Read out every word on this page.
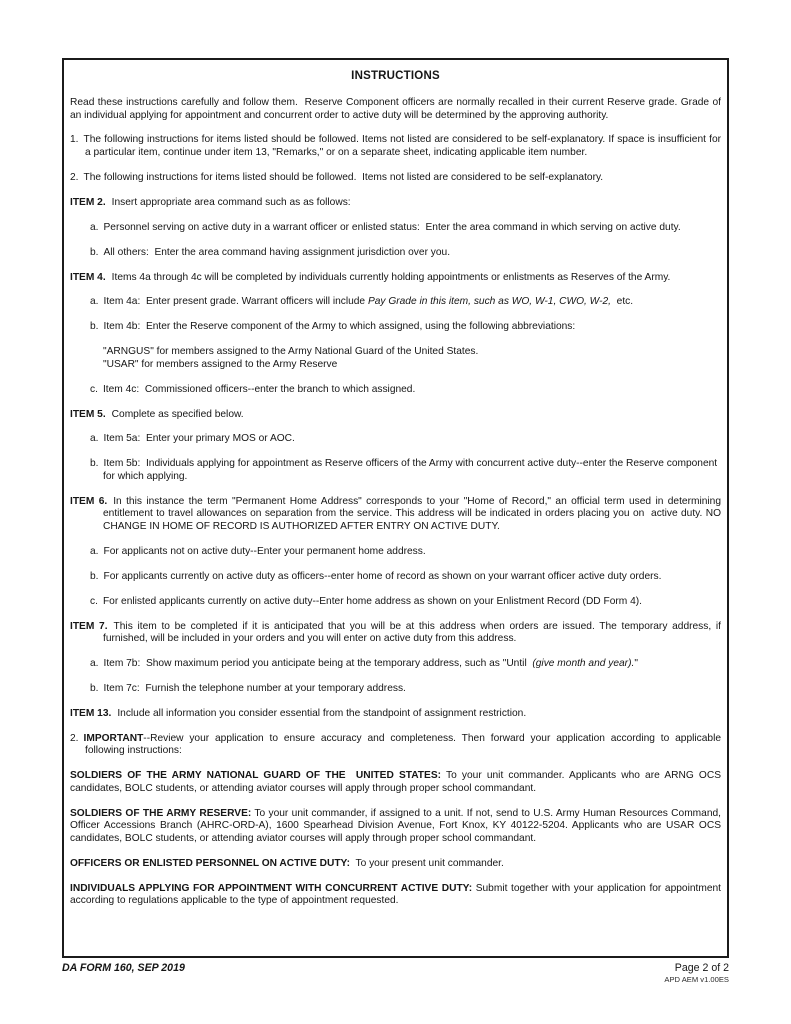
INSTRUCTIONS
Read these instructions carefully and follow them.  Reserve Component officers are normally recalled in their current Reserve grade. Grade of an individual applying for appointment and concurrent order to active duty will be determined by the approving authority.
1. The following instructions for items listed should be followed. Items not listed are considered to be self-explanatory. If space is insufficient for a particular item, continue under item 13, "Remarks," or on a separate sheet, indicating applicable item number.
2. The following instructions for items listed should be followed.  Items not listed are considered to be self-explanatory.
ITEM 2. Insert appropriate area command such as as follows:
a. Personnel serving on active duty in a warrant officer or enlisted status:  Enter the area command in which serving on active duty.
b. All others:  Enter the area command having assignment jurisdiction over you.
ITEM 4. Items 4a through 4c will be completed by individuals currently holding appointments or enlistments as Reserves of the Army.
a. Item 4a:  Enter present grade. Warrant officers will include Pay Grade in this item, such as WO, W-1, CWO, W-2,  etc.
b. Item 4b:  Enter the Reserve component of the Army to which assigned, using the following abbreviations:
"ARNGUS" for members assigned to the Army National Guard of the United States.
"USAR" for members assigned to the Army Reserve
c. Item 4c:  Commissioned officers--enter the branch to which assigned.
ITEM 5. Complete as specified below.
a. Item 5a:  Enter your primary MOS or AOC.
b. Item 5b:  Individuals applying for appointment as Reserve officers of the Army with concurrent active duty--enter the Reserve component for which applying.
ITEM 6. In this instance the term "Permanent Home Address" corresponds to your "Home of Record," an official term used in determining entitlement to travel allowances on separation from the service. This address will be indicated in orders placing you on  active duty. NO CHANGE IN HOME OF RECORD IS AUTHORIZED AFTER ENTRY ON ACTIVE DUTY.
a. For applicants not on active duty--Enter your permanent home address.
b. For applicants currently on active duty as officers--enter home of record as shown on your warrant officer active duty orders.
c. For enlisted applicants currently on active duty--Enter home address as shown on your Enlistment Record (DD Form 4).
ITEM 7. This item to be completed if it is anticipated that you will be at this address when orders are issued. The temporary address, if furnished, will be included in your orders and you will enter on active duty from this address.
a. Item 7b:  Show maximum period you anticipate being at the temporary address, such as "Until  (give month and year)."
b. Item 7c:  Furnish the telephone number at your temporary address.
ITEM 13. Include all information you consider essential from the standpoint of assignment restriction.
2. IMPORTANT--Review your application to ensure accuracy and completeness. Then forward your application according to applicable following instructions:
SOLDIERS OF THE ARMY NATIONAL GUARD OF THE  UNITED STATES: To your unit commander. Applicants who are ARNG OCS candidates, BOLC students, or attending aviator courses will apply through proper school commandant.
SOLDIERS OF THE ARMY RESERVE: To your unit commander, if assigned to a unit. If not, send to U.S. Army Human Resources Command, Officer Accessions Branch (AHRC-ORD-A), 1600 Spearhead Division Avenue, Fort Knox, KY 40122-5204. Applicants who are USAR OCS candidates, BOLC students, or attending aviator courses will apply through proper school commandant.
OFFICERS OR ENLISTED PERSONNEL ON ACTIVE DUTY:  To your present unit commander.
INDIVIDUALS APPLYING FOR APPOINTMENT WITH CONCURRENT ACTIVE DUTY: Submit together with your application for appointment according to regulations applicable to the type of appointment requested.
DA FORM 160, SEP 2019	Page 2 of 2
APD AEM v1.00ES
